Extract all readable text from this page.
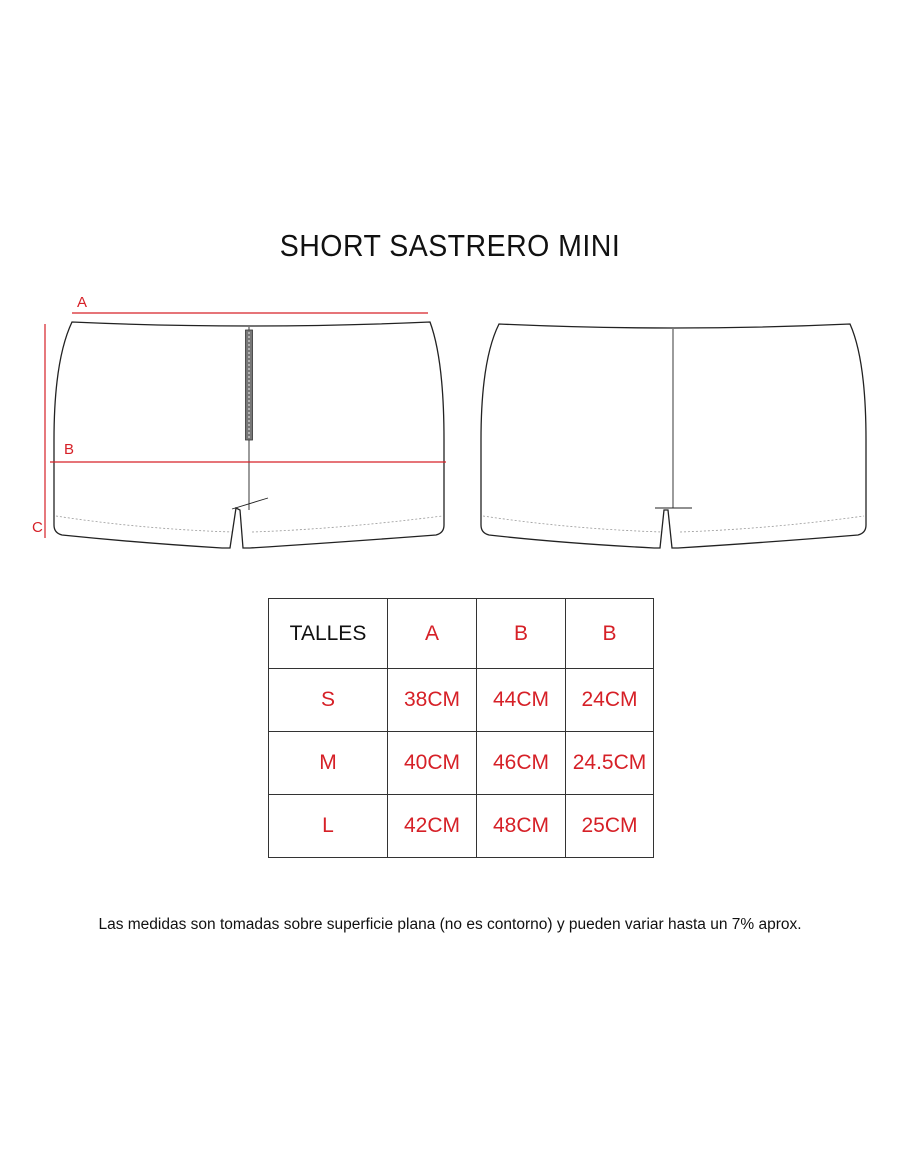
SHORT SASTRERO MINI
A
B
C
TALLES	A	B	B
S	38CM	44CM	24CM
M	40CM	46CM	24.5CM
L	42CM	48CM	25CM
Las medidas son tomadas sobre superficie plana (no es contorno) y pueden variar hasta un 7% aprox.
